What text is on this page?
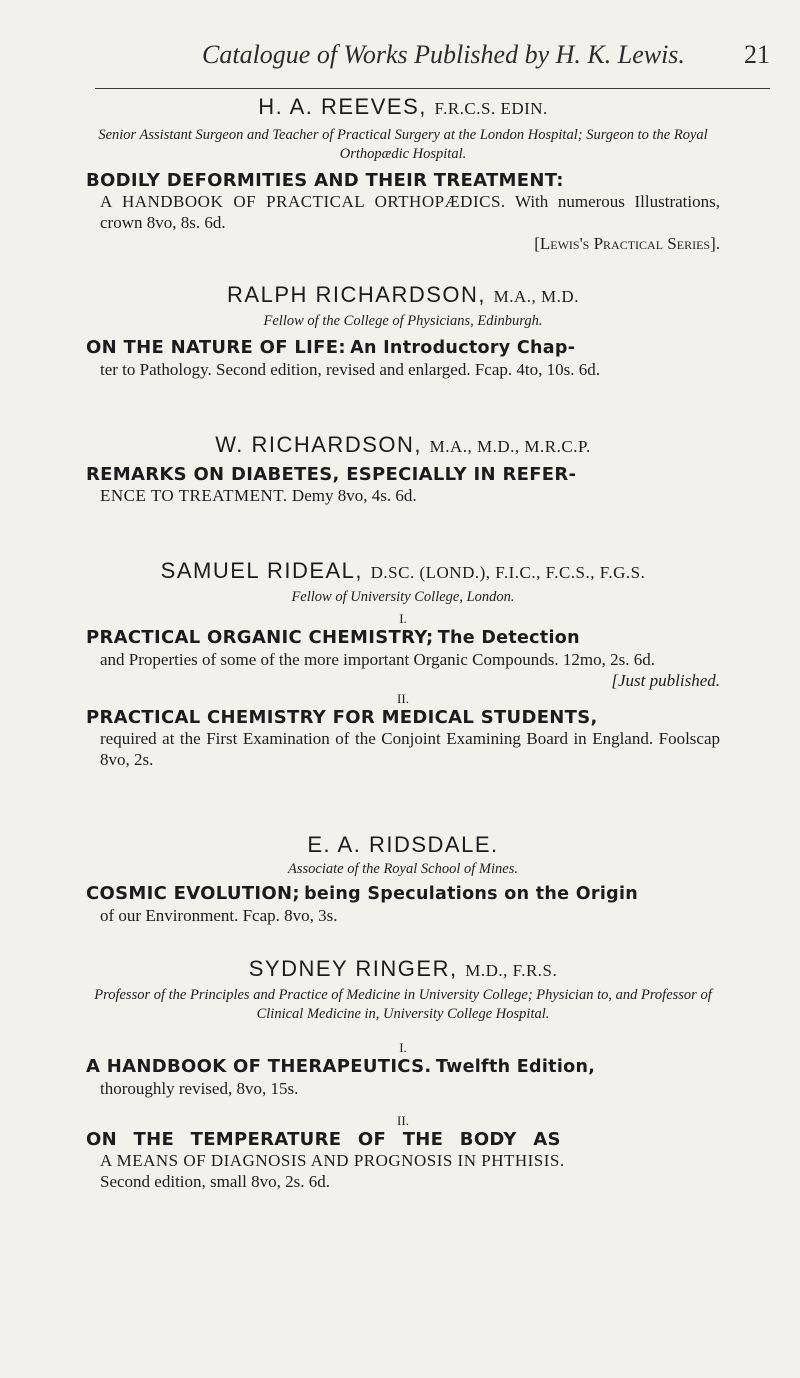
Catalogue of Works Published by H. K. Lewis. 21
H. A. REEVES, F.R.C.S. EDIN.
Senior Assistant Surgeon and Teacher of Practical Surgery at the London Hospital; Surgeon to the Royal Orthopædic Hospital.
BODILY DEFORMITIES AND THEIR TREATMENT:
A HANDBOOK OF PRACTICAL ORTHOPÆDICS. With numerous Illustrations, crown 8vo, 8s. 6d.
[Lewis's Practical Series].
RALPH RICHARDSON, M.A., M.D.
Fellow of the College of Physicians, Edinburgh.
ON THE NATURE OF LIFE: An Introductory Chap-
ter to Pathology. Second edition, revised and enlarged. Fcap. 4to, 10s. 6d.
W. RICHARDSON, M.A., M.D., M.R.C.P.
REMARKS ON DIABETES, ESPECIALLY IN REFER-
ENCE TO TREATMENT. Demy 8vo, 4s. 6d.
SAMUEL RIDEAL, D.SC. (LOND.), F.I.C., F.C.S., F.G.S.
Fellow of University College, London.
I.
PRACTICAL ORGANIC CHEMISTRY; The Detection
and Properties of some of the more important Organic Compounds. 12mo, 2s. 6d.
[Just published.
II.
PRACTICAL CHEMISTRY FOR MEDICAL STUDENTS,
required at the First Examination of the Conjoint Examining Board in England. Foolscap 8vo, 2s.
E. A. RIDSDALE.
Associate of the Royal School of Mines.
COSMIC EVOLUTION; being Speculations on the Origin
of our Environment. Fcap. 8vo, 3s.
SYDNEY RINGER, M.D., F.R.S.
Professor of the Principles and Practice of Medicine in University College; Physician to, and Professor of Clinical Medicine in, University College Hospital.
I.
A HANDBOOK OF THERAPEUTICS. Twelfth Edition,
thoroughly revised, 8vo, 15s.
II.
ON THE TEMPERATURE OF THE BODY AS
A MEANS OF DIAGNOSIS AND PROGNOSIS IN PHTHISIS.
Second edition, small 8vo, 2s. 6d.
